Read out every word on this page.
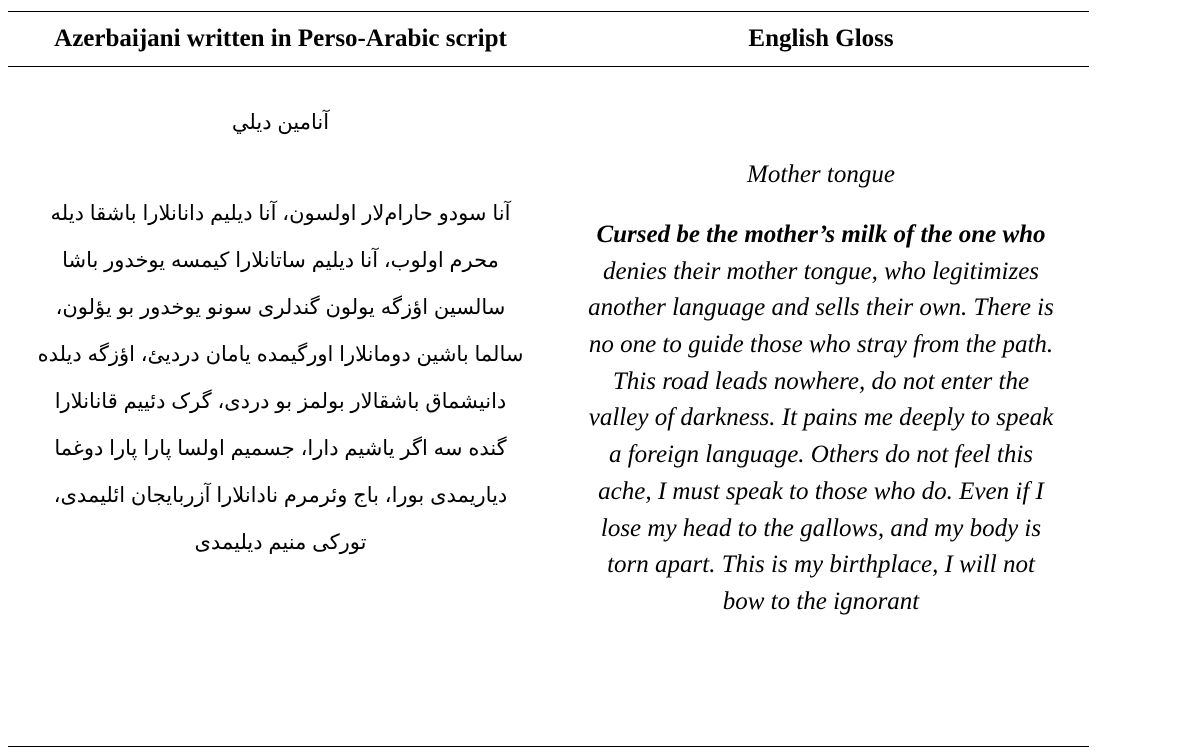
Azerbaijani written in Perso-Arabic script	English Gloss
آنامین دیلي
آنا سودو حارام‌لار اولسون، آنا دیلیم دانانلارا باشقا دیله
محرم اولوب، آنا دیلیم ساتانلارا کیمسه یوخدور باشا
سالسین اؤزگه یولون گندلری سونو یوخدور بو یؤلون،
سالما باشین دومانلارا اورگیمده یامان دردیئ، اؤزگه دیلده
دانیشماق باشقالار بولمز بو دردی، گرک دئییم قانانلارا
گنده سه اگر یاشیم دارا، جسمیم اولسا پارا پارا دوغما
دیاریمدی بورا، باج وئرمرم نادانلارا آزربایجان ائلیمدی،
تورکی منیم دیلیمدی
Mother tongue
Cursed be the mother’s milk of the one who
denies their mother tongue, who legitimizes
another language and sells their own. There is
no one to guide those who stray from the path.
This road leads nowhere, do not enter the
valley of darkness. It pains me deeply to speak
a foreign language. Others do not feel this
ache, I must speak to those who do. Even if I
lose my head to the gallows, and my body is
torn apart. This is my birthplace, I will not
bow to the ignorant
